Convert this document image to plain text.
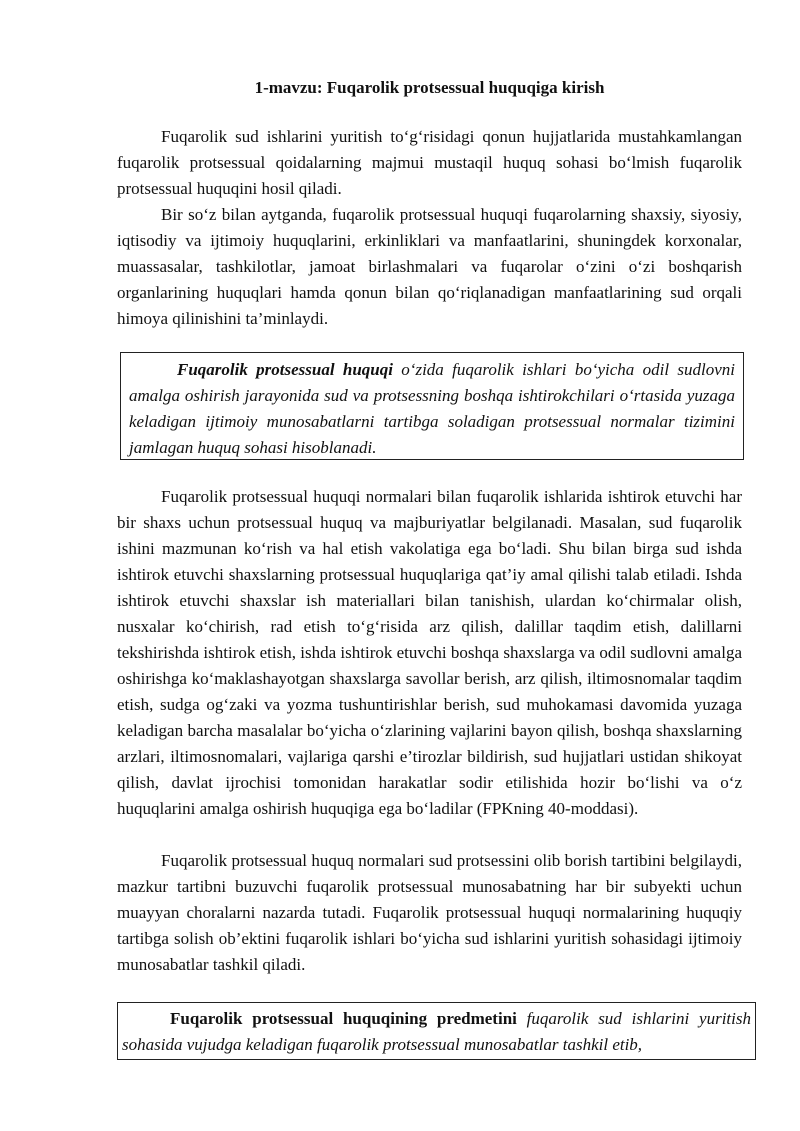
1-mavzu: Fuqarolik protsessual huquqiga kirish

Fuqarolik sud ishlarini yuritish to‘g‘risidagi qonun hujjatlarida mustahkamlangan fuqarolik protsessual qoidalarning majmui mustaqil huquq sohasi bo‘lmish fuqarolik protsessual huquqini hosil qiladi.

Bir so‘z bilan aytganda, fuqarolik protsessual huquqi fuqarolarning shaxsiy, siyosiy, iqtisodiy va ijtimoiy huquqlarini, erkinliklari va manfaatlarini, shuningdek korxonalar, muassasalar, tashkilotlar, jamoat birlashmalari va fuqarolar o‘zini o‘zi boshqarish organlarining huquqlari hamda qonun bilan qo‘riqlanadigan manfaatlarining sud orqali himoya qilinishini ta’minlaydi.

Fuqarolik protsessual huquqi o‘zida fuqarolik ishlari bo‘yicha odil sudlovni amalga oshirish jarayonida sud va protsessning boshqa ishtirokchilari o‘rtasida yuzaga keladigan ijtimoiy munosabatlarni tartibga soladigan protsessual normalar tizimini jamlagan huquq sohasi hisoblanadi.

Fuqarolik protsessual huquqi normalari bilan fuqarolik ishlarida ishtirok etuvchi har bir shaxs uchun protsessual huquq va majburiyatlar belgilanadi. Masalan, sud fuqarolik ishini mazmunan ko‘rish va hal etish vakolatiga ega bo‘ladi. Shu bilan birga sud ishda ishtirok etuvchi shaxslarning protsessual huquqlariga qat’iy amal qilishi talab etiladi. Ishda ishtirok etuvchi shaxslar ish materiallari bilan tanishish, ulardan ko‘chirmalar olish, nusxalar ko‘chirish, rad etish to‘g‘risida arz qilish, dalillar taqdim etish, dalillarni tekshirishda ishtirok etish, ishda ishtirok etuvchi boshqa shaxslarga va odil sudlovni amalga oshirishga ko‘maklashayotgan shaxslarga savollar berish, arz qilish, iltimosnomalar taqdim etish, sudga og‘zaki va yozma tushuntirishlar berish, sud muhokamasi davomida yuzaga keladigan barcha masalalar bo‘yicha o‘zlarining vajlarini bayon qilish, boshqa shaxslarning arzlari, iltimosnomalari, vajlariga qarshi e’tirozlar bildirish, sud hujjatlari ustidan shikoyat qilish, davlat ijrochisi tomonidan harakatlar sodir etilishida hozir bo‘lishi va o‘z huquqlarini amalga oshirish huquqiga ega bo‘ladilar (FPKning 40-moddasi).

Fuqarolik protsessual huquq normalari sud protsessini olib borish tartibini belgilaydi, mazkur tartibni buzuvchi fuqarolik protsessual munosabatning har bir subyekti uchun muayyan choralarni nazarda tutadi. Fuqarolik protsessual huquqi normalarining huquqiy tartibga solish ob’ektini fuqarolik ishlari bo‘yicha sud ishlarini yuritish sohasidagi ijtimoiy munosabatlar tashkil qiladi.

Fuqarolik protsessual huquqining predmetini fuqarolik sud ishlarini yuritish sohasida vujudga keladigan fuqarolik protsessual munosabatlar tashkil etib,
